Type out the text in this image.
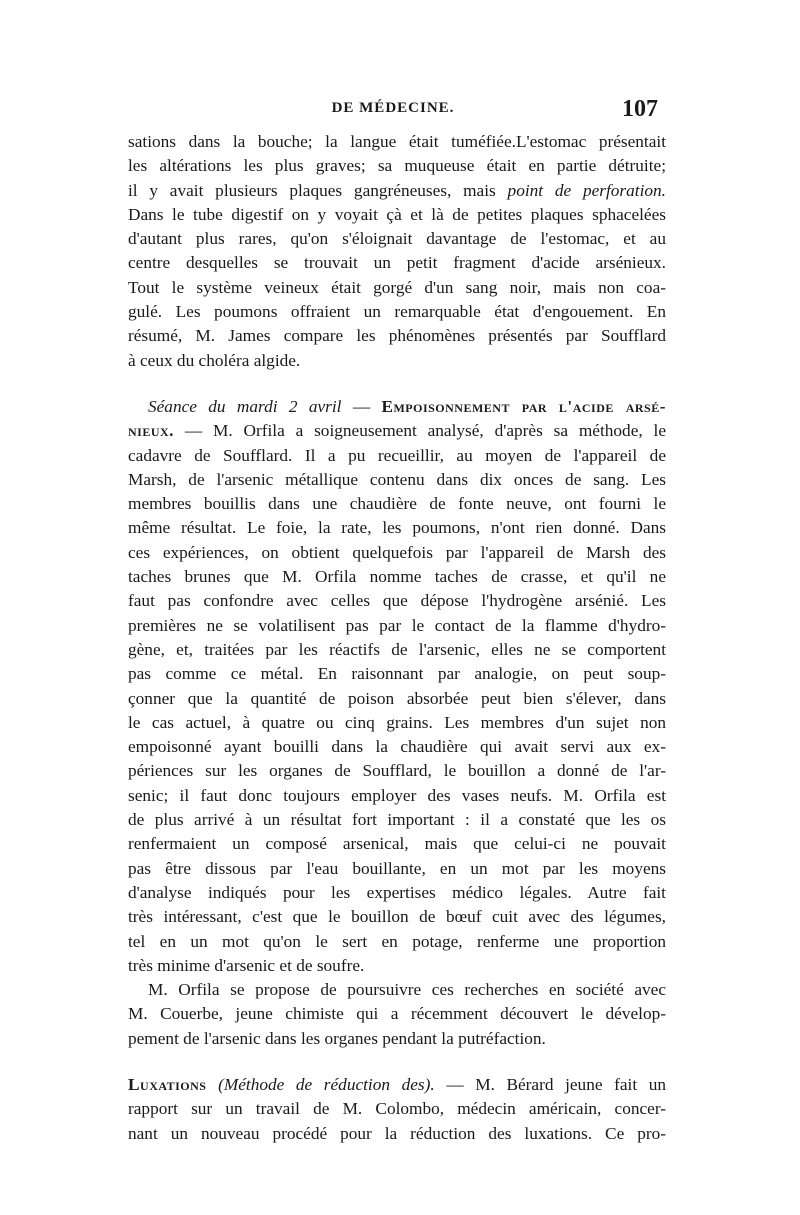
DE MÉDECINE.	107
sations dans la bouche; la langue était tuméfiée.L'estomac présentait
les altérations les plus graves; sa muqueuse était en partie détruite;
il y avait plusieurs plaques gangréneuses, mais point de perforation.
Dans le tube digestif on y voyait çà et là de petites plaques sphacelées
d'autant plus rares, qu'on s'éloignait davantage de l'estomac, et au
centre desquelles se trouvait un petit fragment d'acide arsénieux.
Tout le système veineux était gorgé d'un sang noir, mais non coa-
gulé. Les poumons offraient un remarquable état d'engouement. En
résumé, M. James compare les phénomènes présentés par Soufflard
à ceux du choléra algide.
Séance du mardi 2 avril — Empoisonnement par l'acide arsé-
nieux. — M. Orfila a soigneusement analysé, d'après sa méthode, le
cadavre de Soufflard. Il a pu recueillir, au moyen de l'appareil de
Marsh, de l'arsenic métallique contenu dans dix onces de sang. Les
membres bouillis dans une chaudière de fonte neuve, ont fourni le
même résultat. Le foie, la rate, les poumons, n'ont rien donné. Dans
ces expériences, on obtient quelquefois par l'appareil de Marsh des
taches brunes que M. Orfila nomme taches de crasse, et qu'il ne
faut pas confondre avec celles que dépose l'hydrogène arsénié. Les
premières ne se volatilisent pas par le contact de la flamme d'hydro-
gène, et, traitées par les réactifs de l'arsenic, elles ne se comportent
pas comme ce métal. En raisonnant par analogie, on peut soup-
çonner que la quantité de poison absorbée peut bien s'élever, dans
le cas actuel, à quatre ou cinq grains. Les membres d'un sujet non
empoisonné ayant bouilli dans la chaudière qui avait servi aux ex-
périences sur les organes de Soufflard, le bouillon a donné de l'ar-
senic; il faut donc toujours employer des vases neufs. M. Orfila est
de plus arrivé à un résultat fort important : il a constaté que les os
renfermaient un composé arsenical, mais que celui-ci ne pouvait
pas être dissous par l'eau bouillante, en un mot par les moyens
d'analyse indiqués pour les expertises médico légales. Autre fait
très intéressant, c'est que le bouillon de bœuf cuit avec des légumes,
tel en un mot qu'on le sert en potage, renferme une proportion
très minime d'arsenic et de soufre.
M. Orfila se propose de poursuivre ces recherches en société avec
M. Couerbe, jeune chimiste qui a récemment découvert le dévelop-
pement de l'arsenic dans les organes pendant la putréfaction.
Luxations (Méthode de réduction des). — M. Bérard jeune fait un
rapport sur un travail de M. Colombo, médecin américain, concer-
nant un nouveau procédé pour la réduction des luxations. Ce pro-
